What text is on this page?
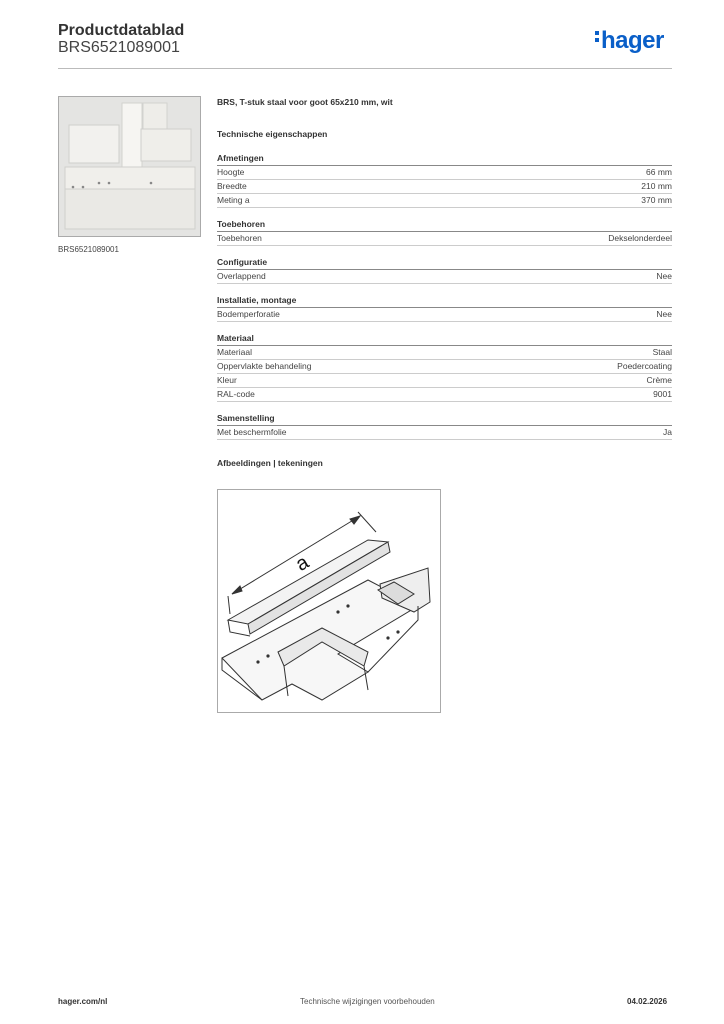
Productdatablad
BRS6521089001	hager
BRS6521089001
BRS, T-stuk staal voor goot 65x210 mm, wit
Technische eigenschappen
Afmetingen
Hoogte	66 mm
Breedte	210 mm
Meting a	370 mm
Toebehoren
Toebehoren	Dekselonderdeel
Configuratie
Overlappend	Nee
Installatie, montage
Bodemperforatie	Nee
Materiaal
Materiaal	Staal
Oppervlakte behandeling	Poedercoating
Kleur	Crème
RAL-code	9001
Samenstelling
Met beschermfolie	Ja
Afbeeldingen | tekeningen
a
hager.com/nl	Technische wijzigingen voorbehouden	04.02.2026
